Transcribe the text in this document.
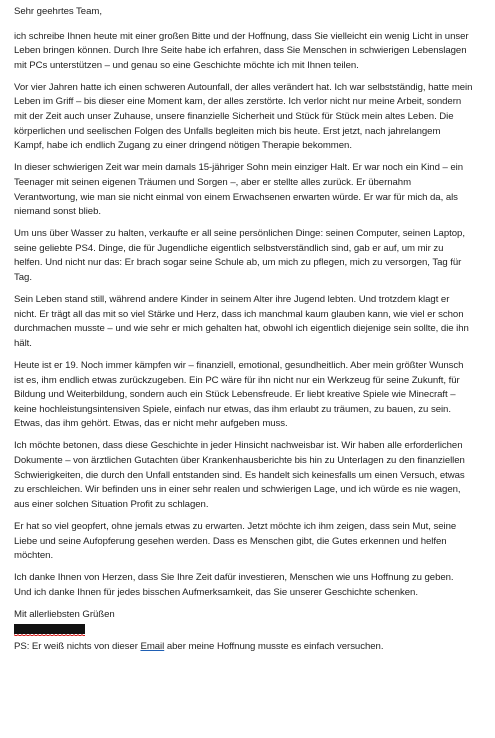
Sehr geehrtes Team,

ich schreibe Ihnen heute mit einer großen Bitte und der Hoffnung, dass Sie vielleicht ein wenig Licht in unser Leben bringen können. Durch Ihre Seite habe ich erfahren, dass Sie Menschen in schwierigen Lebenslagen mit PCs unterstützen – und genau so eine Geschichte möchte ich mit Ihnen teilen.

Vor vier Jahren hatte ich einen schweren Autounfall, der alles verändert hat. Ich war selbstständig, hatte mein Leben im Griff – bis dieser eine Moment kam, der alles zerstörte. Ich verlor nicht nur meine Arbeit, sondern mit der Zeit auch unser Zuhause, unsere finanzielle Sicherheit und Stück für Stück mein altes Leben. Die körperlichen und seelischen Folgen des Unfalls begleiten mich bis heute. Erst jetzt, nach jahrelangem Kampf, habe ich endlich Zugang zu einer dringend nötigen Therapie bekommen.

In dieser schwierigen Zeit war mein damals 15-jähriger Sohn mein einziger Halt. Er war noch ein Kind – ein Teenager mit seinen eigenen Träumen und Sorgen –, aber er stellte alles zurück. Er übernahm Verantwortung, wie man sie nicht einmal von einem Erwachsenen erwarten würde. Er war für mich da, als niemand sonst blieb.

Um uns über Wasser zu halten, verkaufte er all seine persönlichen Dinge: seinen Computer, seinen Laptop, seine geliebte PS4. Dinge, die für Jugendliche eigentlich selbstverständlich sind, gab er auf, um mir zu helfen. Und nicht nur das: Er brach sogar seine Schule ab, um mich zu pflegen, mich zu versorgen, Tag für Tag.

Sein Leben stand still, während andere Kinder in seinem Alter ihre Jugend lebten. Und trotzdem klagt er nicht. Er trägt all das mit so viel Stärke und Herz, dass ich manchmal kaum glauben kann, wie viel er schon durchmachen musste – und wie sehr er mich gehalten hat, obwohl ich eigentlich diejenige sein sollte, die ihn hält.

Heute ist er 19. Noch immer kämpfen wir – finanziell, emotional, gesundheitlich. Aber mein größter Wunsch ist es, ihm endlich etwas zurückzugeben. Ein PC wäre für ihn nicht nur ein Werkzeug für seine Zukunft, für Bildung und Weiterbildung, sondern auch ein Stück Lebensfreude. Er liebt kreative Spiele wie Minecraft – keine hochleistungsintensiven Spiele, einfach nur etwas, das ihm erlaubt zu träumen, zu bauen, zu sein. Etwas, das ihm gehört. Etwas, das er nicht mehr aufgeben muss.

Ich möchte betonen, dass diese Geschichte in jeder Hinsicht nachweisbar ist. Wir haben alle erforderlichen Dokumente – von ärztlichen Gutachten über Krankenhausberichte bis hin zu Unterlagen zu den finanziellen Schwierigkeiten, die durch den Unfall entstanden sind. Es handelt sich keinesfalls um einen Versuch, etwas zu erschleichen. Wir befinden uns in einer sehr realen und schwierigen Lage, und ich würde es nie wagen, aus einer solchen Situation Profit zu schlagen.

Er hat so viel geopfert, ohne jemals etwas zu erwarten. Jetzt möchte ich ihm zeigen, dass sein Mut, seine Liebe und seine Aufopferung gesehen werden. Dass es Menschen gibt, die Gutes erkennen und helfen möchten.

Ich danke Ihnen von Herzen, dass Sie Ihre Zeit dafür investieren, Menschen wie uns Hoffnung zu geben. Und ich danke Ihnen für jedes bisschen Aufmerksamkeit, das Sie unserer Geschichte schenken.

Mit allerliebsten Grüßen

PS: Er weiß nichts von dieser Email aber meine Hoffnung musste es einfach versuchen.
